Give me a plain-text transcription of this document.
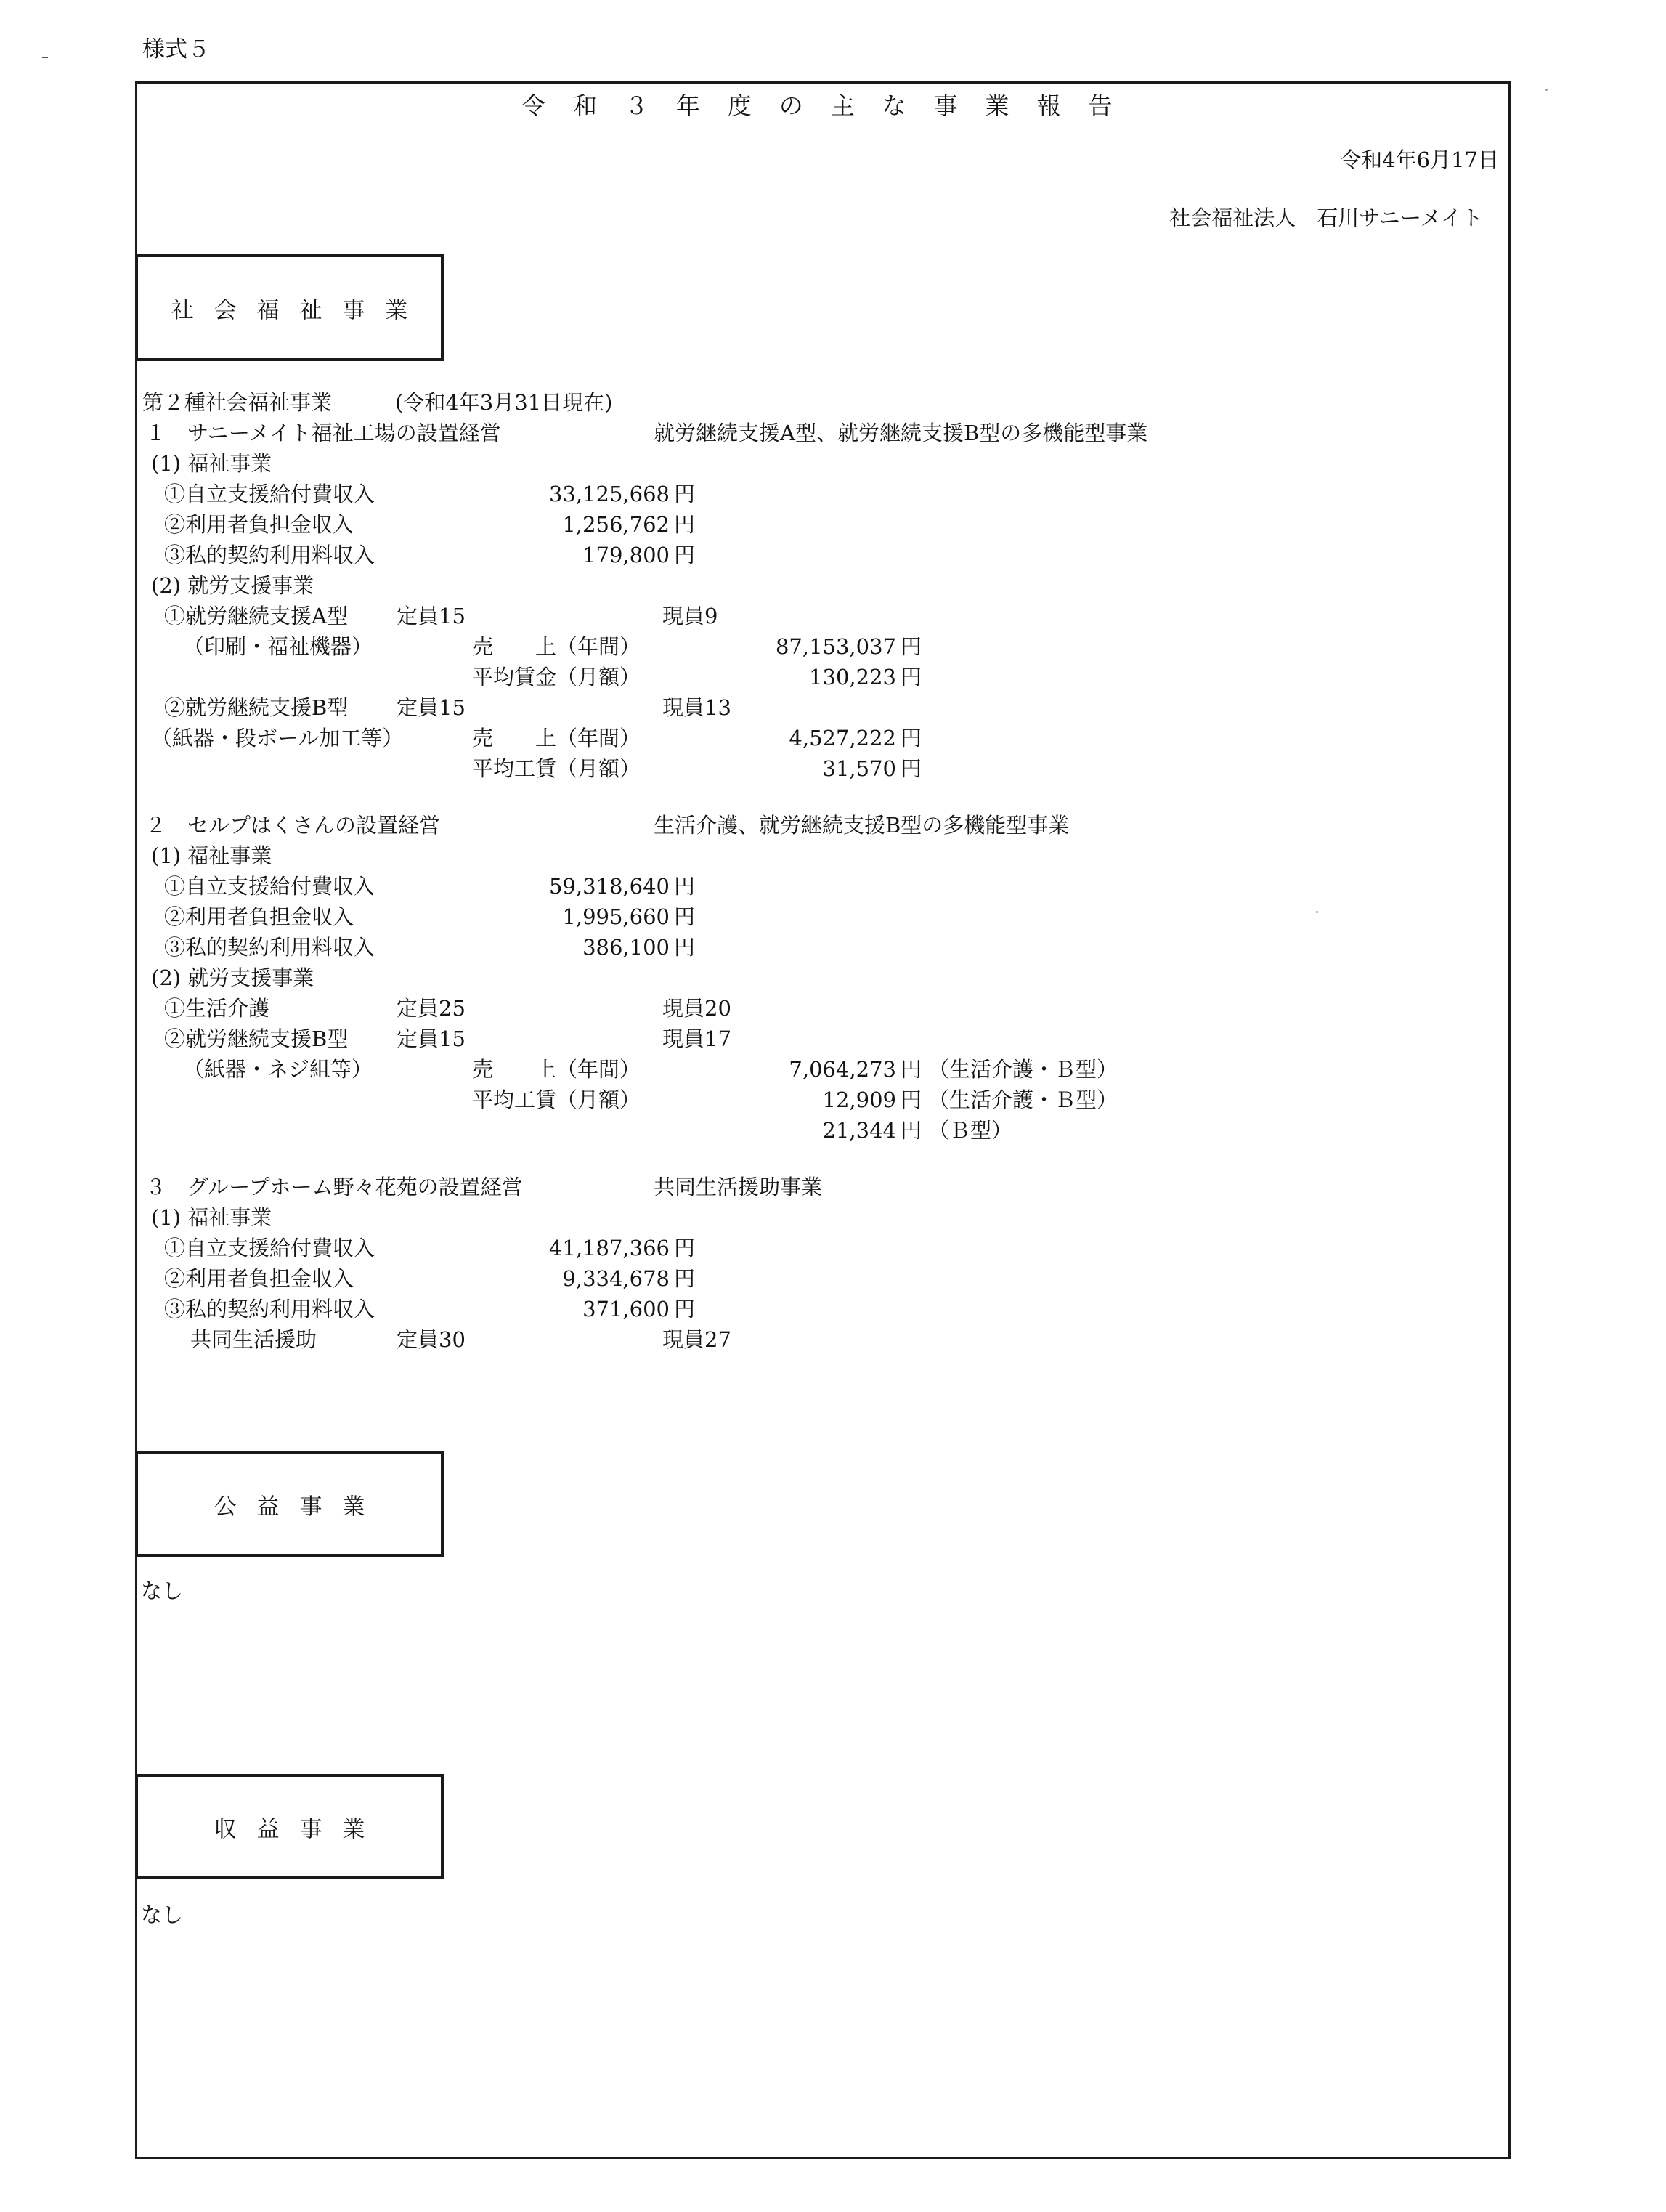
様式５
令和３年度の主な事業報告
令和4年6月17日
社会福祉法人　石川サニーメイト
社会福祉事業
第２種社会福祉事業　　　(令和4年3月31日現在)
１　サニーメイト福祉工場の設置経営	就労継続支援A型、就労継続支援B型の多機能型事業
(1) 福祉事業
①自立支援給付費収入	33,125,668 円
②利用者負担金収入	1,256,762 円
③私的契約利用料収入	179,800 円
(2) 就労支援事業
①就労継続支援A型 定員15	現員9
（印刷・福祉機器）	売　　上（年間）	87,153,037 円
平均賃金（月額）	130,223 円
②就労継続支援B型 定員15	現員13
（紙器・段ボール加工等）	売　　上（年間）	4,527,222 円
平均工賃（月額）	31,570 円
２　セルプはくさんの設置経営	生活介護、就労継続支援B型の多機能型事業
(1) 福祉事業
①自立支援給付費収入	59,318,640 円
②利用者負担金収入	1,995,660 円
③私的契約利用料収入	386,100 円
(2) 就労支援事業
①生活介護	定員25	現員20
②就労継続支援B型 定員15	現員17
（紙器・ネジ組等）	売　　上（年間）	7,064,273 円 （生活介護・Ｂ型）
平均工賃（月額）	12,909 円 （生活介護・Ｂ型）
21,344 円 （Ｂ型）
３　グループホーム野々花苑の設置経営	共同生活援助事業
(1) 福祉事業
①自立支援給付費収入	41,187,366 円
②利用者負担金収入	9,334,678 円
③私的契約利用料収入	371,600 円
共同生活援助	定員30	現員27
公益事業
なし
収益事業
なし
